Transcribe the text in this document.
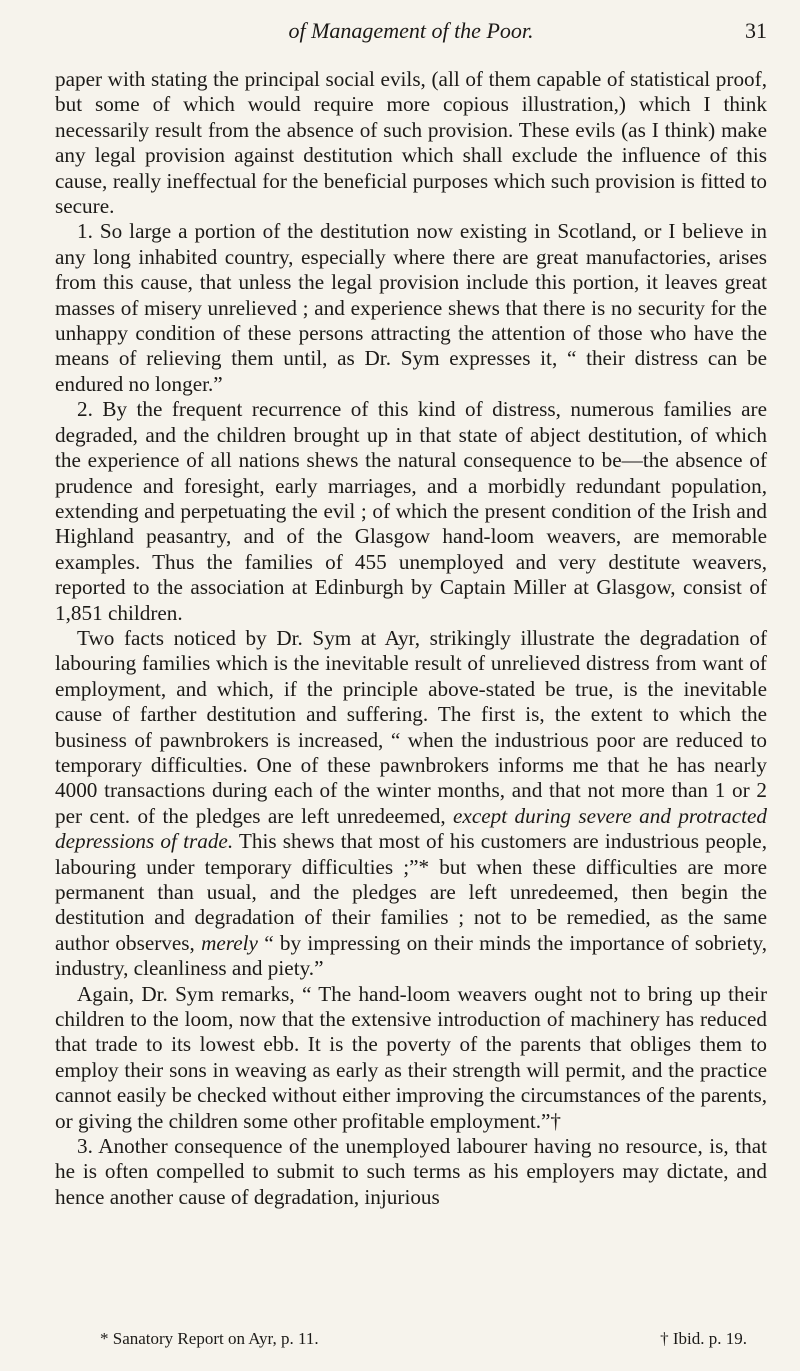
of Management of the Poor.	31

paper with stating the principal social evils, (all of them capable of statistical proof, but some of which would require more copious illustration,) which I think necessarily result from the absence of such provision. These evils (as I think) make any legal provision against destitution which shall exclude the influence of this cause, really ineffectual for the beneficial purposes which such provision is fitted to secure.

1. So large a portion of the destitution now existing in Scotland, or I believe in any long inhabited country, especially where there are great manufactories, arises from this cause, that unless the legal provision include this portion, it leaves great masses of misery unrelieved ; and experience shews that there is no security for the unhappy condition of these persons attracting the attention of those who have the means of relieving them until, as Dr. Sym expresses it, “ their distress can be endured no longer.”

2. By the frequent recurrence of this kind of distress, numerous families are degraded, and the children brought up in that state of abject destitution, of which the experience of all nations shews the natural consequence to be—the absence of prudence and foresight, early marriages, and a morbidly redundant population, extending and perpetuating the evil ; of which the present condition of the Irish and Highland peasantry, and of the Glasgow hand-loom weavers, are memorable examples. Thus the families of 455 unemployed and very destitute weavers, reported to the association at Edinburgh by Captain Miller at Glasgow, consist of 1,851 children.

Two facts noticed by Dr. Sym at Ayr, strikingly illustrate the degradation of labouring families which is the inevitable result of unrelieved distress from want of employment, and which, if the principle above-stated be true, is the inevitable cause of farther destitution and suffering. The first is, the extent to which the business of pawnbrokers is increased, “ when the industrious poor are reduced to temporary difficulties. One of these pawnbrokers informs me that he has nearly 4000 transactions during each of the winter months, and that not more than 1 or 2 per cent. of the pledges are left unredeemed, except during severe and protracted depressions of trade. This shews that most of his customers are industrious people, labouring under temporary difficulties ;”* but when these difficulties are more permanent than usual, and the pledges are left unredeemed, then begin the destitution and degradation of their families ; not to be remedied, as the same author observes, merely “ by impressing on their minds the importance of sobriety, industry, cleanliness and piety.”

Again, Dr. Sym remarks, “ The hand-loom weavers ought not to bring up their children to the loom, now that the extensive introduction of machinery has reduced that trade to its lowest ebb. It is the poverty of the parents that obliges them to employ their sons in weaving as early as their strength will permit, and the practice cannot easily be checked without either improving the circumstances of the parents, or giving the children some other profitable employment.”†

3. Another consequence of the unemployed labourer having no resource, is, that he is often compelled to submit to such terms as his employers may dictate, and hence another cause of degradation, injurious

* Sanatory Report on Ayr, p. 11.	† Ibid. p. 19.
